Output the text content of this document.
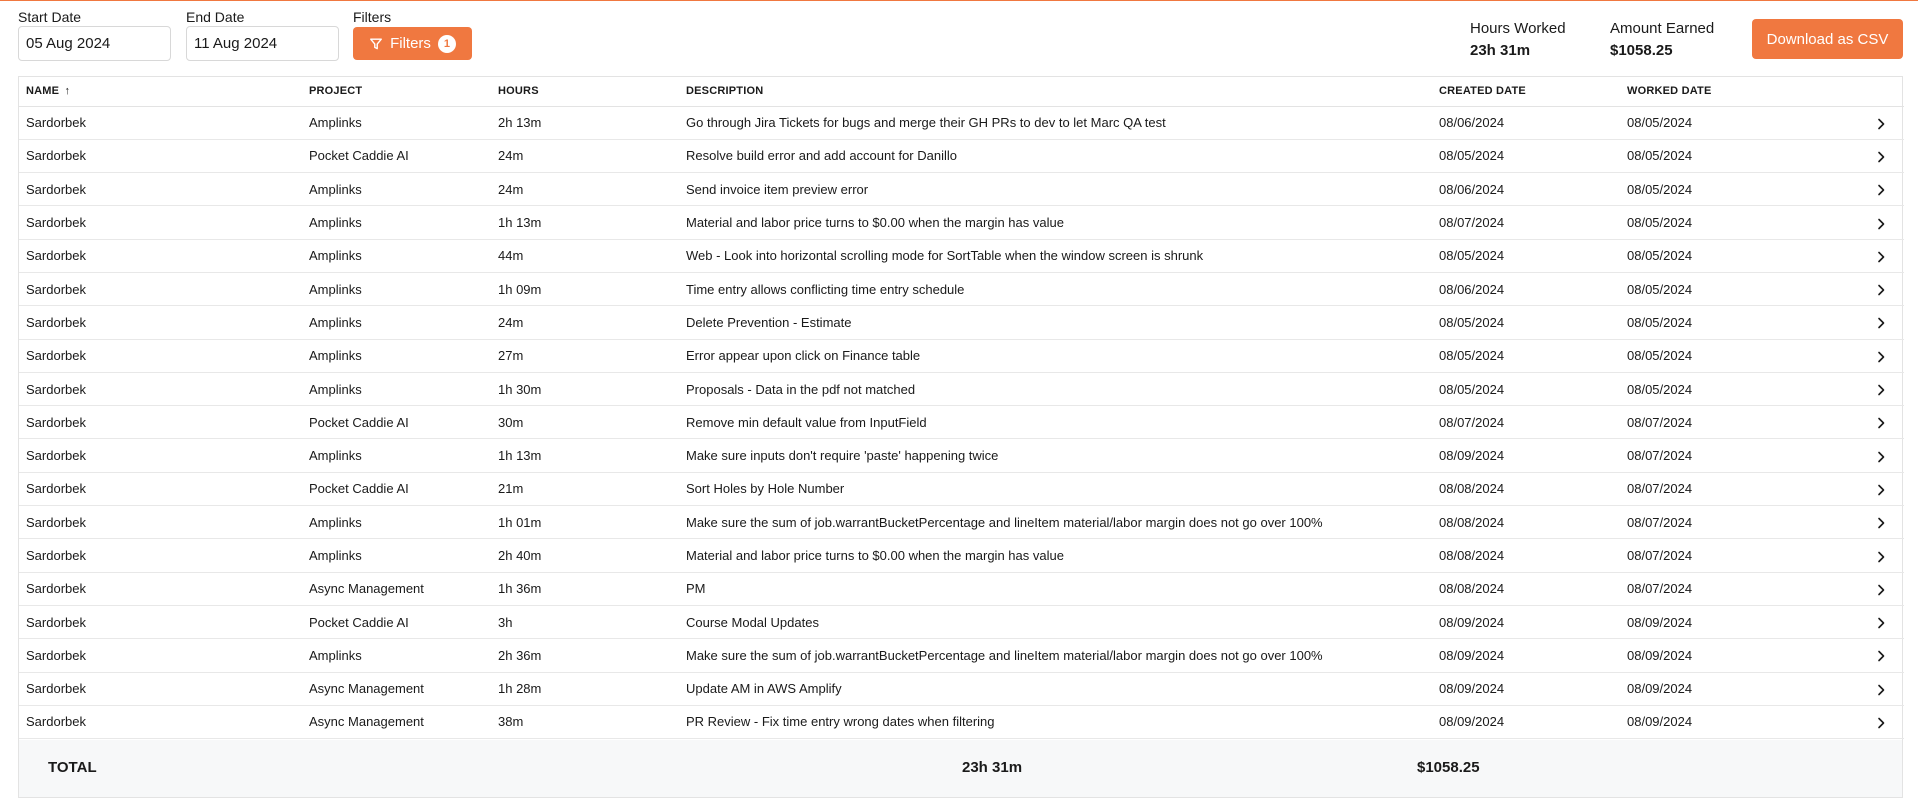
Start Date
05 Aug 2024
End Date
11 Aug 2024
Filters
Filters	1
Hours Worked
23h 31m
Amount Earned
$1058.25
Download as CSV
NAME ↑	PROJECT	HOURS	DESCRIPTION	CREATED DATE	WORKED DATE	
Sardorbek	Amplinks	2h 13m	Go through Jira Tickets for bugs and merge their GH PRs to dev to let Marc QA test	08/06/2024	08/05/2024	
Sardorbek	Pocket Caddie AI	24m	Resolve build error and add account for Danillo	08/05/2024	08/05/2024	
Sardorbek	Amplinks	24m	Send invoice item preview error	08/06/2024	08/05/2024	
Sardorbek	Amplinks	1h 13m	Material and labor price turns to $0.00 when the margin has value	08/07/2024	08/05/2024	
Sardorbek	Amplinks	44m	Web - Look into horizontal scrolling mode for SortTable when the window screen is shrunk	08/05/2024	08/05/2024	
Sardorbek	Amplinks	1h 09m	Time entry allows conflicting time entry schedule	08/06/2024	08/05/2024	
Sardorbek	Amplinks	24m	Delete Prevention - Estimate	08/05/2024	08/05/2024	
Sardorbek	Amplinks	27m	Error appear upon click on Finance table	08/05/2024	08/05/2024	
Sardorbek	Amplinks	1h 30m	Proposals - Data in the pdf not matched	08/05/2024	08/05/2024	
Sardorbek	Pocket Caddie AI	30m	Remove min default value from InputField	08/07/2024	08/07/2024	
Sardorbek	Amplinks	1h 13m	Make sure inputs don't require 'paste' happening twice	08/09/2024	08/07/2024	
Sardorbek	Pocket Caddie AI	21m	Sort Holes by Hole Number	08/08/2024	08/07/2024	
Sardorbek	Amplinks	1h 01m	Make sure the sum of job.warrantBucketPercentage and lineItem material/labor margin does not go over 100%	08/08/2024	08/07/2024	
Sardorbek	Amplinks	2h 40m	Material and labor price turns to $0.00 when the margin has value	08/08/2024	08/07/2024	
Sardorbek	Async Management	1h 36m	PM	08/08/2024	08/07/2024	
Sardorbek	Pocket Caddie AI	3h	Course Modal Updates	08/09/2024	08/09/2024	
Sardorbek	Amplinks	2h 36m	Make sure the sum of job.warrantBucketPercentage and lineItem material/labor margin does not go over 100%	08/09/2024	08/09/2024	
Sardorbek	Async Management	1h 28m	Update AM in AWS Amplify	08/09/2024	08/09/2024	
Sardorbek	Async Management	38m	PR Review - Fix time entry wrong dates when filtering	08/09/2024	08/09/2024	
TOTAL	23h 31m	$1058.25
